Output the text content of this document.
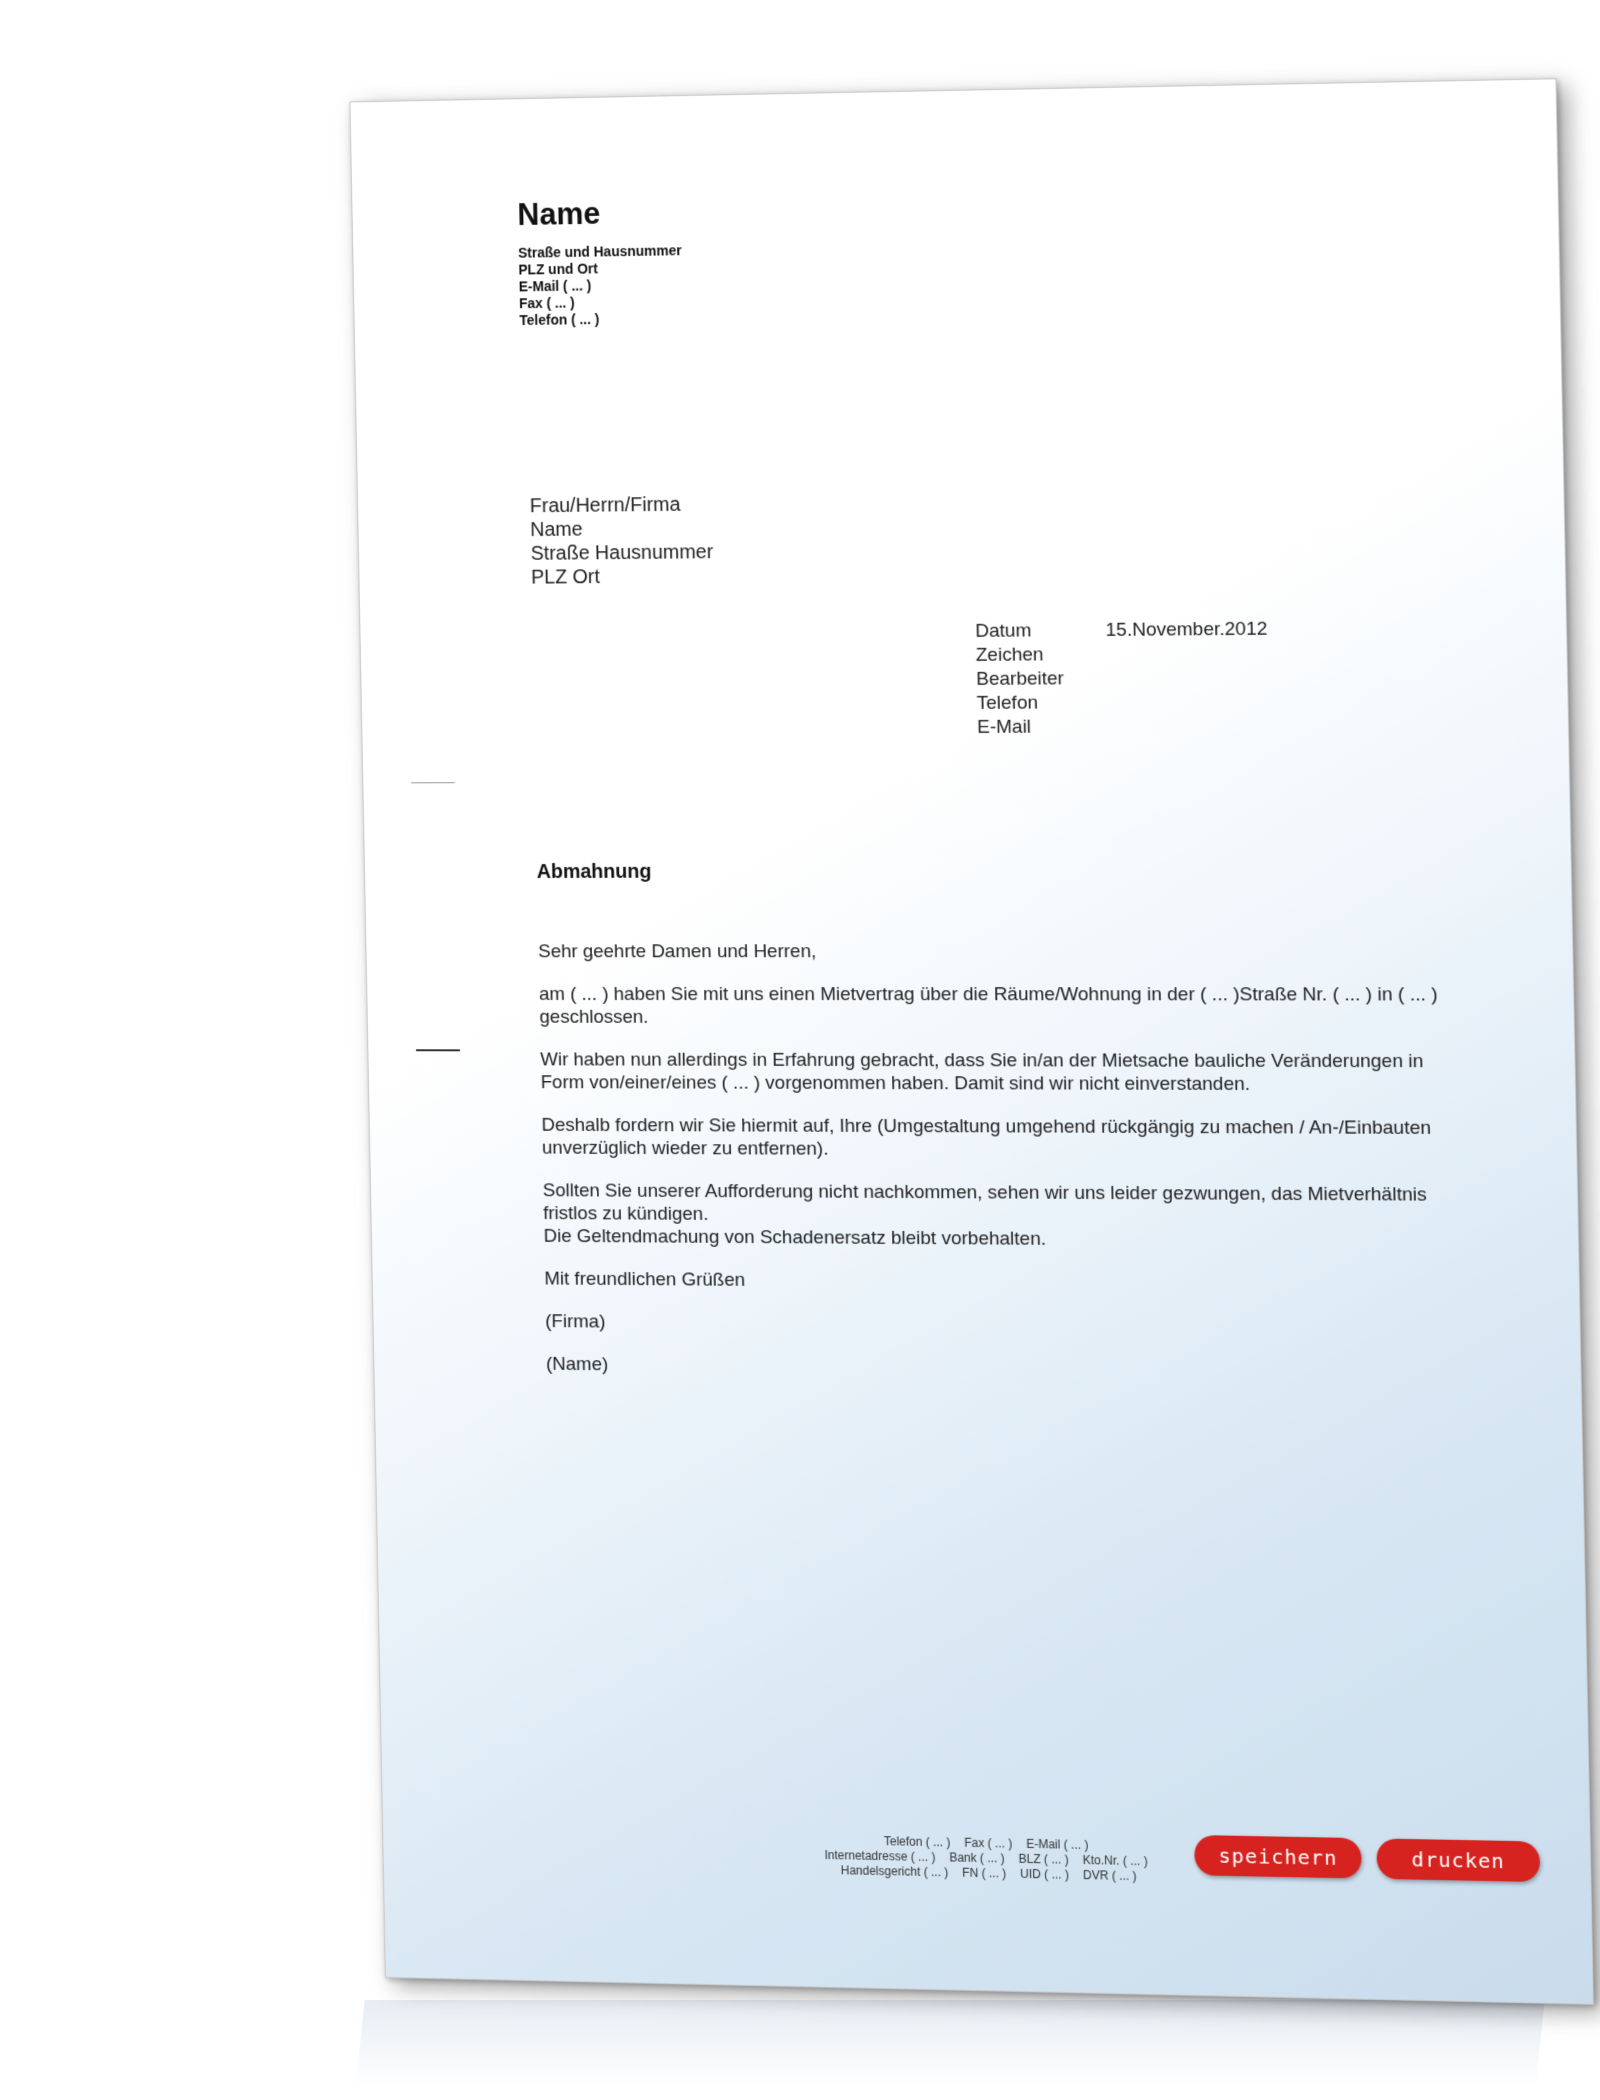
Name
Straße und Hausnummer
PLZ und Ort
E-Mail ( ... )
Fax ( ... )
Telefon ( ... )
Frau/Herrn/Firma
Name
Straße Hausnummer
PLZ Ort
Datum	15.November.2012
Zeichen
Bearbeiter
Telefon
E-Mail
Abmahnung

Sehr geehrte Damen und Herren,

am ( ... ) haben Sie mit uns einen Mietvertrag über die Räume/Wohnung in der ( ... )Straße Nr. ( ... ) in ( ... ) geschlossen.

Wir haben nun allerdings in Erfahrung gebracht, dass Sie in/an der Mietsache bauliche Veränderungen in Form von/einer/eines ( ... ) vorgenommen haben. Damit sind wir nicht einverstanden.

Deshalb fordern wir Sie hiermit auf, Ihre (Umgestaltung umgehend rückgängig zu machen / An-/Einbauten unverzüglich wieder zu entfernen).

Sollten Sie unserer Aufforderung nicht nachkommen, sehen wir uns leider gezwungen, das Mietverhältnis fristlos zu kündigen.

Die Geltendmachung von Schadenersatz bleibt vorbehalten.

Mit freundlichen Grüßen

(Firma)

(Name)

Telefon ( ... ) Fax ( ... ) E-Mail ( ... )
Internetadresse ( ... ) Bank ( ... ) BLZ ( ... ) Kto.Nr. ( ... )
Handelsgericht ( ... ) FN ( ... ) UID ( ... ) DVR ( ... )
speichern	drucken
